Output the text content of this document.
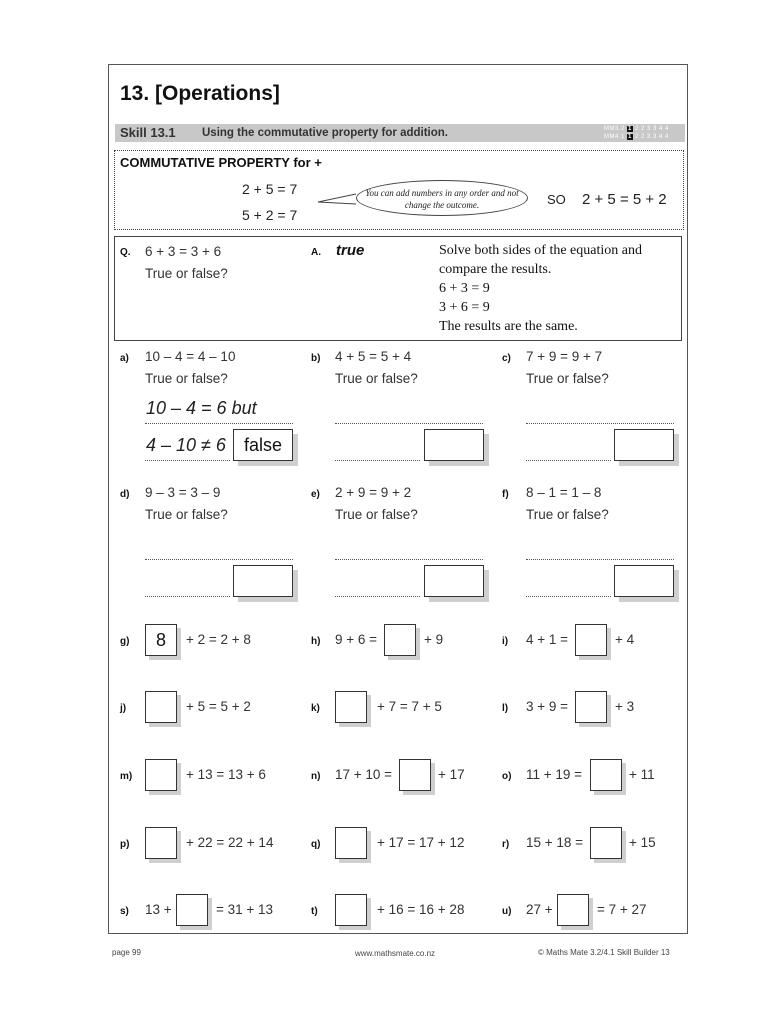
13. [Operations]
Skill 13.1 Using the commutative property for addition.	MM3.2 1 2 2 3 3 4 4
MM4.1 1 2 2 3 3 4 4
COMMUTATIVE PROPERTY for +
2 + 5 = 7
5 + 2 = 7
You can add numbers in any order and not change the outcome.	SO 2 + 5 = 5 + 2
Q. 6 + 3 = 3 + 6
True or false?
A. true	Solve both sides of the equation and
compare the results.
6 + 3 = 9
3 + 6 = 9
The results are the same.
a) 10 – 4 = 4 – 10
True or false?
10 – 4 = 6 but
4 – 10 ≠ 6	false
b) 4 + 5 = 5 + 4
True or false?
c) 7 + 9 = 9 + 7
True or false?
d) 9 – 3 = 3 – 9
True or false?
e) 2 + 9 = 9 + 2
True or false?
f) 8 – 1 = 1 – 8
True or false?
g)	8	+ 2 = 2 + 8	h) 9 + 6 =	+ 9	i) 4 + 1 =	+ 4
j)	+ 5 = 5 + 2	k)	+ 7 = 7 + 5	l) 3 + 9 =	+ 3
m)	+ 13 = 13 + 6	n) 17 + 10 =	+ 17	o) 11 + 19 =	+ 11
p)	+ 22 = 22 + 14	q)	+ 17 = 17 + 12	r) 15 + 18 =	+ 15
s) 13 +	= 31 + 13	t)	+ 16 = 16 + 28	u) 27 +	= 7 + 27
page 99	www.mathsmate.co.nz	© Maths Mate 3.2/4.1 Skill Builder 13
